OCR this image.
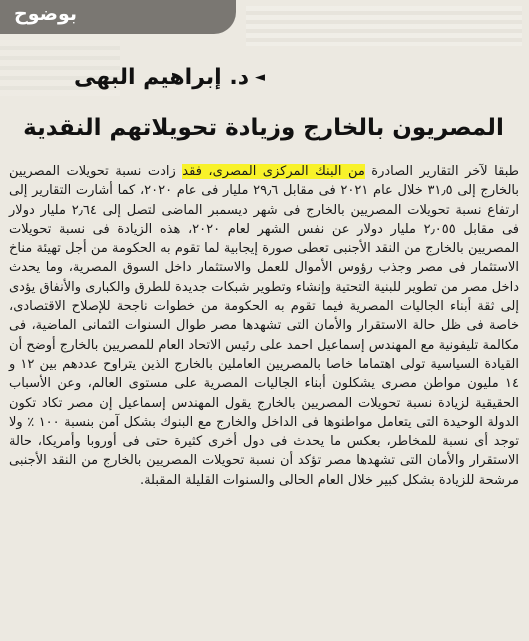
بوضوح
◄
د. إبراهيم البهى
المصريون بالخارج وزيادة تحويلاتهم النقدية
طبقا لآخر التقارير الصادرة من البنك المركزى المصرى، فقد زادت نسبة تحويلات المصريين بالخارج إلى ٣١٫٥ خلال عام ٢٠٢١ فى مقابل ٢٩٫٦ مليار فى عام ٢٠٢٠، كما أشارت التقارير إلى ارتفاع نسبة تحويلات المصريين بالخارج فى شهر ديسمبر الماضى لتصل إلى ٢٫٦٤ مليار دولار فى مقابل ٢٫٠٥٥ مليار دولار عن نفس الشهر لعام ٢٠٢٠، هذه الزيادة فى نسبة تحويلات المصريين بالخارج من النقد الأجنبى تعطى صورة إيجابية لما تقوم به الحكومة من أجل تهيئة مناخ الاستثمار فى مصر وجذب رؤوس الأموال للعمل والاستثمار داخل السوق المصرية، وما يحدث داخل مصر من تطوير للبنية التحتية وإنشاء وتطوير شبكات جديدة للطرق والكبارى والأنفاق يؤدى إلى ثقة أبناء الجاليات المصرية فيما تقوم به الحكومة من خطوات ناجحة للإصلاح الاقتصادى، خاصة فى ظل حالة الاستقرار والأمان التى تشهدها مصر طوال السنوات الثمانى الماضية، فى مكالمة تليفونية مع المهندس إسماعيل احمد على رئيس الاتحاد العام للمصريين بالخارج أوضح أن القيادة السياسية تولى اهتماما خاصا بالمصريين العاملين بالخارج الذين يتراوح عددهم بين ١٢ و ١٤ مليون مواطن مصرى يشكلون أبناء الجاليات المصرية على مستوى العالم، وعن الأسباب الحقيقية لزيادة نسبة تحويلات المصريين بالخارج يقول المهندس إسماعيل إن مصر تكاد تكون الدولة الوحيدة التى يتعامل مواطنوها فى الداخل والخارج مع البنوك بشكل آمن بنسبة ١٠٠ ٪ ولا توجد أى نسبة للمخاطر، بعكس ما يحدث فى دول أخرى كثيرة حتى فى أوروبا وأمريكا، حالة الاستقرار والأمان التى تشهدها مصر تؤكد أن نسبة تحويلات المصريين بالخارج من النقد الأجنبى مرشحة للزيادة بشكل كبير خلال العام الحالى والسنوات القليلة المقبلة.
